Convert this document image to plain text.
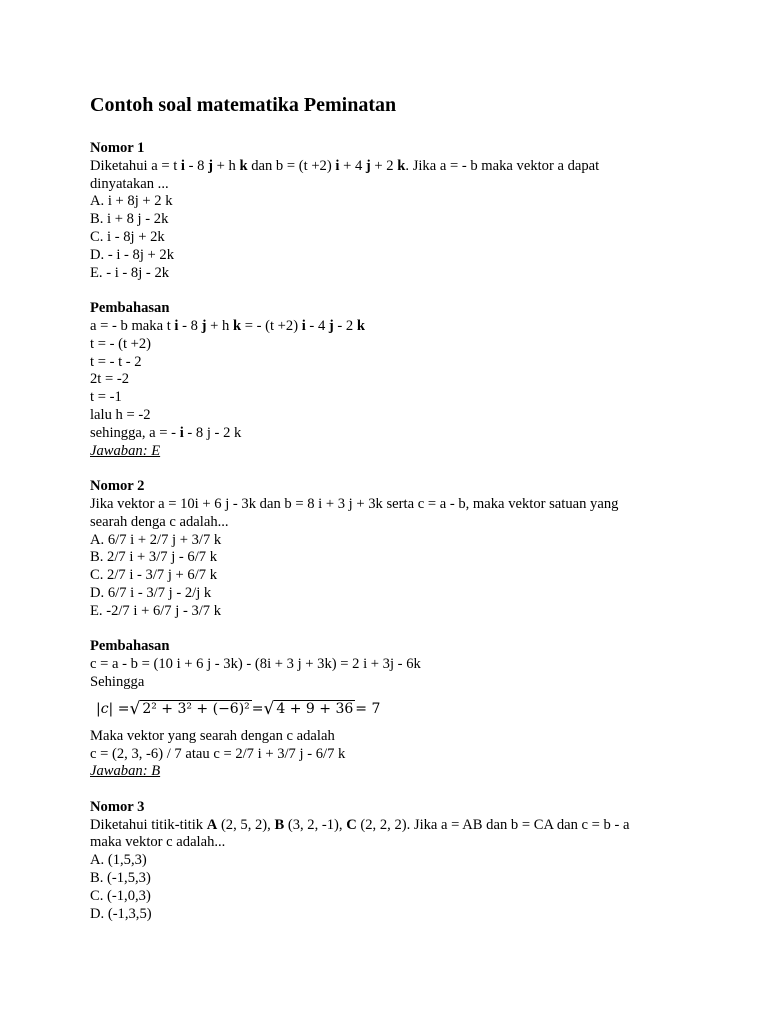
Contoh soal matematika Peminatan
Nomor 1
Diketahui a = t i - 8 j + h k dan b = (t +2) i + 4 j + 2 k. Jika a = - b maka vektor a dapat
dinyatakan ...
A. i + 8j + 2 k
B. i + 8 j - 2k
C. i - 8j + 2k
D. - i - 8j + 2k
E. - i - 8j - 2k
Pembahasan
a = - b maka t i - 8 j + h k = - (t +2) i - 4 j - 2 k
t = - (t +2)
t = - t - 2
2t = -2
t = -1
lalu h = -2
sehingga, a = - i - 8 j - 2 k
Jawaban: E
Nomor 2
Jika vektor a = 10i + 6 j - 3k dan b = 8 i + 3 j + 3k serta c = a - b, maka vektor satuan yang
searah denga c adalah...
A. 6/7 i + 2/7 j + 3/7 k
B. 2/7 i + 3/7 j - 6/7 k
C. 2/7 i - 3/7 j + 6/7 k
D. 6/7 i - 3/7 j - 2/j k
E. -2/7 i + 6/7 j - 3/7 k
Pembahasan
c = a - b = (10 i + 6 j - 3k) - (8i + 3 j + 3k) = 2 i + 3j - 6k
Sehingga
|c| = √ 2² + 3² + (−6)² = √ 4 + 9 + 36 = 7
Maka vektor yang searah dengan c adalah
c = (2, 3, -6) / 7 atau c = 2/7 i + 3/7 j - 6/7 k
Jawaban: B
Nomor 3
Diketahui titik-titik A (2, 5, 2), B (3, 2, -1), C (2, 2, 2). Jika a = AB dan b = CA dan c = b - a
maka vektor c adalah...
A. (1,5,3)
B. (-1,5,3)
C. (-1,0,3)
D. (-1,3,5)
